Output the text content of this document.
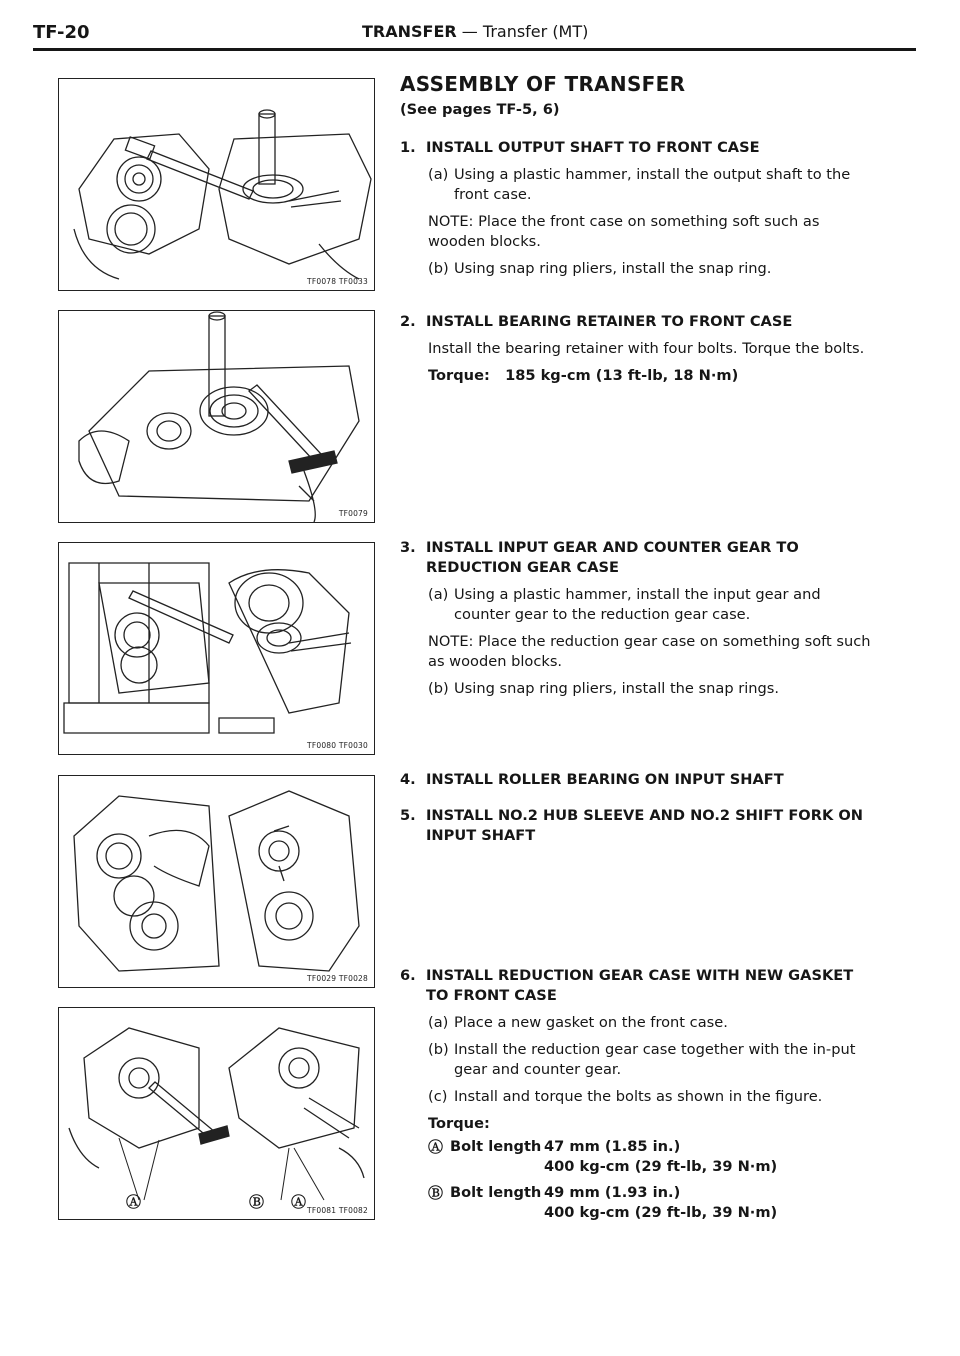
TF-20	TRANSFER — Transfer (MT)
TF0078 TF0033
TF0079
TF0080 TF0030
TF0029 TF0028
Ⓐ	Ⓑ Ⓐ TF0081 TF0082
ASSEMBLY OF TRANSFER
(See pages TF-5, 6)
1. INSTALL OUTPUT SHAFT TO FRONT CASE
(a) Using a plastic hammer, install the output shaft to the front case.
NOTE: Place the front case on something soft such as wooden blocks.
(b) Using snap ring pliers, install the snap ring.
2. INSTALL BEARING RETAINER TO FRONT CASE
Install the bearing retainer with four bolts. Torque the bolts.
Torque: 185 kg-cm (13 ft-lb, 18 N·m)
3. INSTALL INPUT GEAR AND COUNTER GEAR TO REDUCTION GEAR CASE
(a) Using a plastic hammer, install the input gear and counter gear to the reduction gear case.
NOTE: Place the reduction gear case on something soft such as wooden blocks.
(b) Using snap ring pliers, install the snap rings.
4. INSTALL ROLLER BEARING ON INPUT SHAFT
5. INSTALL NO.2 HUB SLEEVE AND NO.2 SHIFT FORK ON INPUT SHAFT
6. INSTALL REDUCTION GEAR CASE WITH NEW GASKET TO FRONT CASE
(a) Place a new gasket on the front case.
(b) Install the reduction gear case together with the in-put gear and counter gear.
(c) Install and torque the bolts as shown in the figure.
Torque:
Ⓐ Bolt length 47 mm (1.85 in.)
400 kg-cm (29 ft-lb, 39 N·m)
Ⓑ Bolt length 49 mm (1.93 in.)
400 kg-cm (29 ft-lb, 39 N·m)
